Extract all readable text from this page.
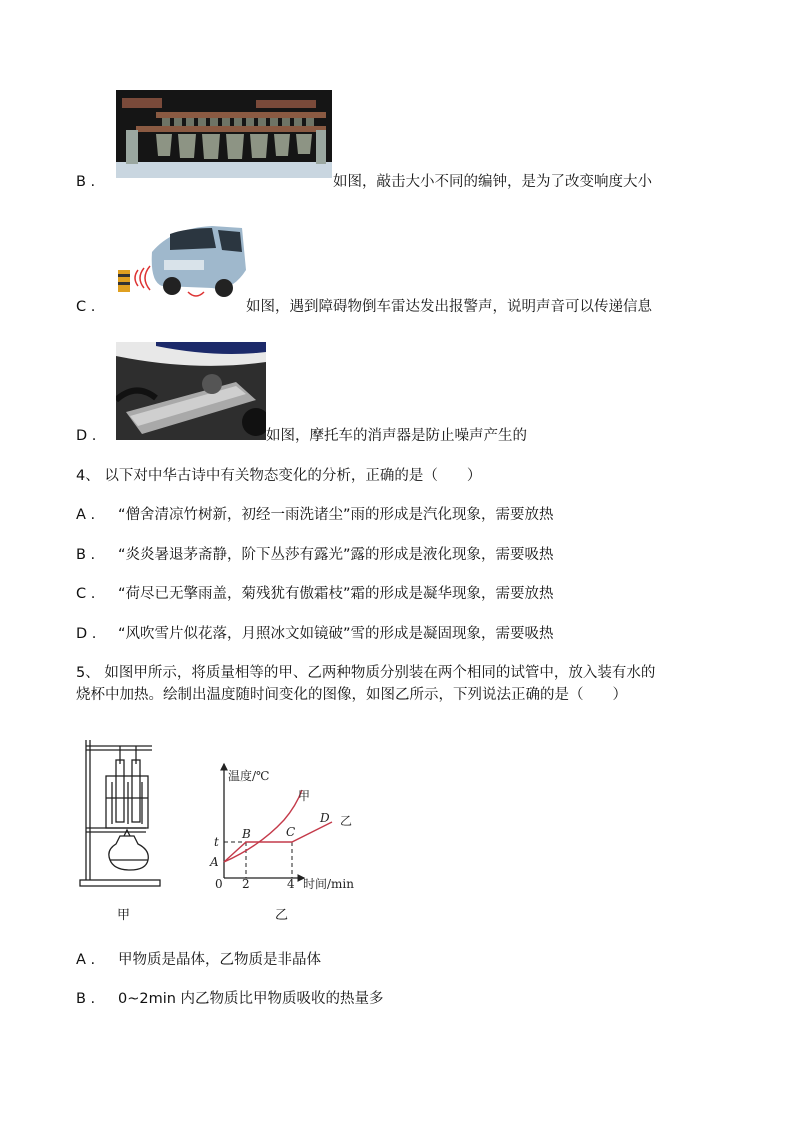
B .	如图，敲击大小不同的编钟，是为了改变响度大小
C .	如图，遇到障碍物倒车雷达发出报警声，说明声音可以传递信息
D .	如图，摩托车的消声器是防止噪声产生的
4、 以下对中华古诗中有关物态变化的分析，正确的是（　　）
A . “僧舍清凉竹树新，初经一雨洗诸尘”雨的形成是汽化现象，需要放热
B . “炎炎暑退茅斋静，阶下丛莎有露光”露的形成是液化现象，需要吸热
C . “荷尽已无擎雨盖，菊残犹有傲霜枝”霜的形成是凝华现象，需要放热
D . “风吹雪片似花落，月照冰文如镜破”雪的形成是凝固现象，需要吸热
5、 如图甲所示，将质量相等的甲、乙两种物质分别装在两个相同的试管中，放入装有水的
烧杯中加热。绘制出温度随时间变化的图像，如图乙所示，下列说法正确的是（　　）
甲
温度/℃
时间/min
0 2	4
t
A
B	C
D
甲
乙
乙
A . 甲物质是晶体，乙物质是非晶体
B . 0~2min 内乙物质比甲物质吸收的热量多
